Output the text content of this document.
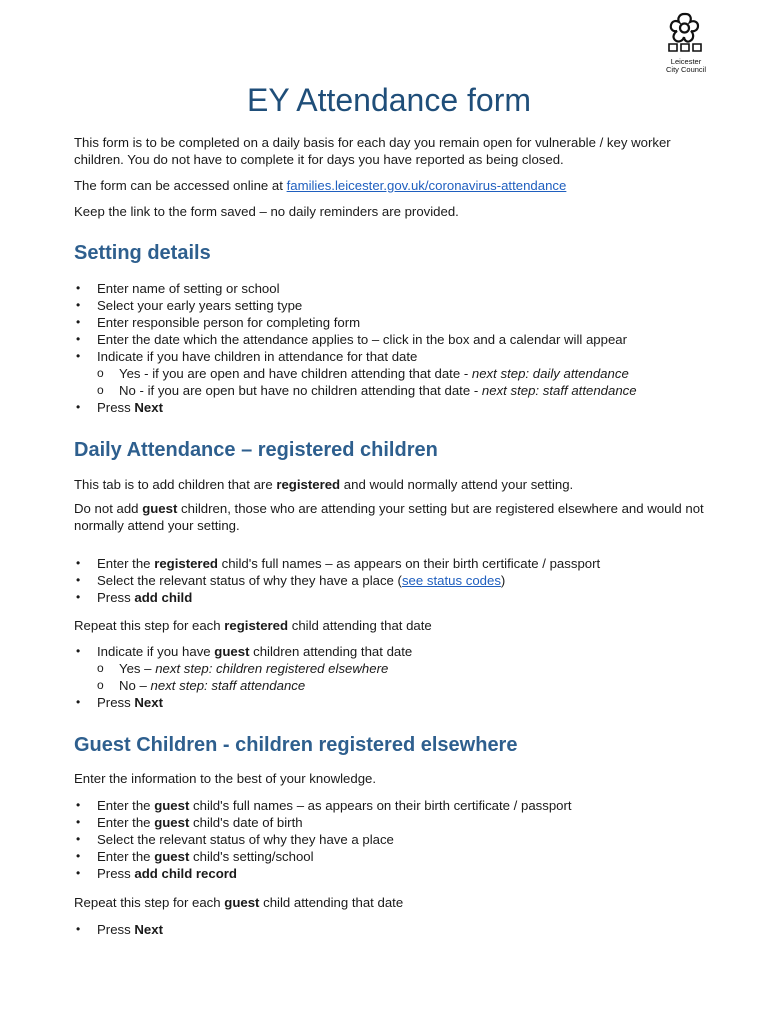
Leicester
City Council
EY Attendance form

This form is to be completed on a daily basis for each day you remain open for vulnerable / key worker children. You do not have to complete it for days you have reported as being closed.

The form can be accessed online at families.leicester.gov.uk/coronavirus-attendance

Keep the link to the form saved – no daily reminders are provided.

Setting details
• Enter name of setting or school
• Select your early years setting type
• Enter responsible person for completing form
• Enter the date which the attendance applies to – click in the box and a calendar will appear
• Indicate if you have children in attendance for that date
o Yes - if you are open and have children attending that date - next step: daily attendance
o No - if you are open but have no children attending that date - next step: staff attendance
• Press Next
Daily Attendance – registered children

This tab is to add children that are registered and would normally attend your setting.

Do not add guest children, those who are attending your setting but are registered elsewhere and would not normally attend your setting.

• Enter the registered child's full names – as appears on their birth certificate / passport
• Select the relevant status of why they have a place (see status codes)
• Press add child

Repeat this step for each registered child attending that date

• Indicate if you have guest children attending that date
o Yes – next step: children registered elsewhere
o No – next step: staff attendance
• Press Next
Guest Children - children registered elsewhere

Enter the information to the best of your knowledge.

• Enter the guest child's full names – as appears on their birth certificate / passport
• Enter the guest child's date of birth
• Select the relevant status of why they have a place
• Enter the guest child's setting/school
• Press add child record

Repeat this step for each guest child attending that date

• Press Next
